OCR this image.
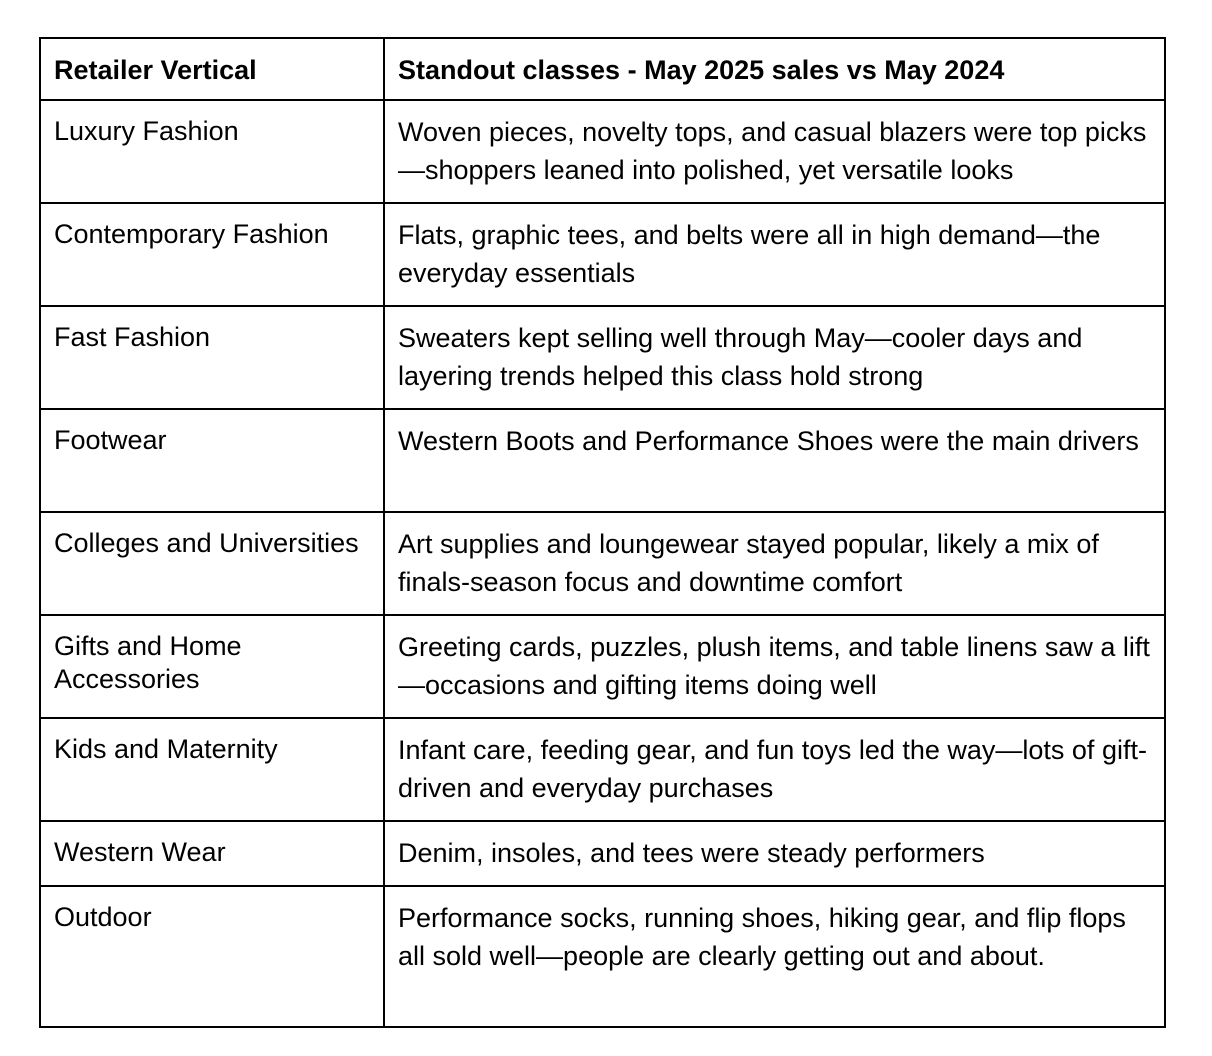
Retailer Vertical	Standout classes - May 2025 sales vs May 2024
Luxury Fashion	Woven pieces, novelty tops, and casual blazers were top picks—shoppers leaned into polished, yet versatile looks
Contemporary Fashion	Flats, graphic tees, and belts were all in high demand—the everyday essentials
Fast Fashion	Sweaters kept selling well through May—cooler days and layering trends helped this class hold strong
Footwear	Western Boots and Performance Shoes were the main drivers
Colleges and Universities	Art supplies and loungewear stayed popular, likely a mix of finals-season focus and downtime comfort
Gifts and Home Accessories	Greeting cards, puzzles, plush items, and table linens saw a lift—occasions and gifting items doing well
Kids and Maternity	Infant care, feeding gear, and fun toys led the way—lots of gift-driven and everyday purchases
Western Wear	Denim, insoles, and tees were steady performers
Outdoor	Performance socks, running shoes, hiking gear, and flip flops all sold well—people are clearly getting out and about.
